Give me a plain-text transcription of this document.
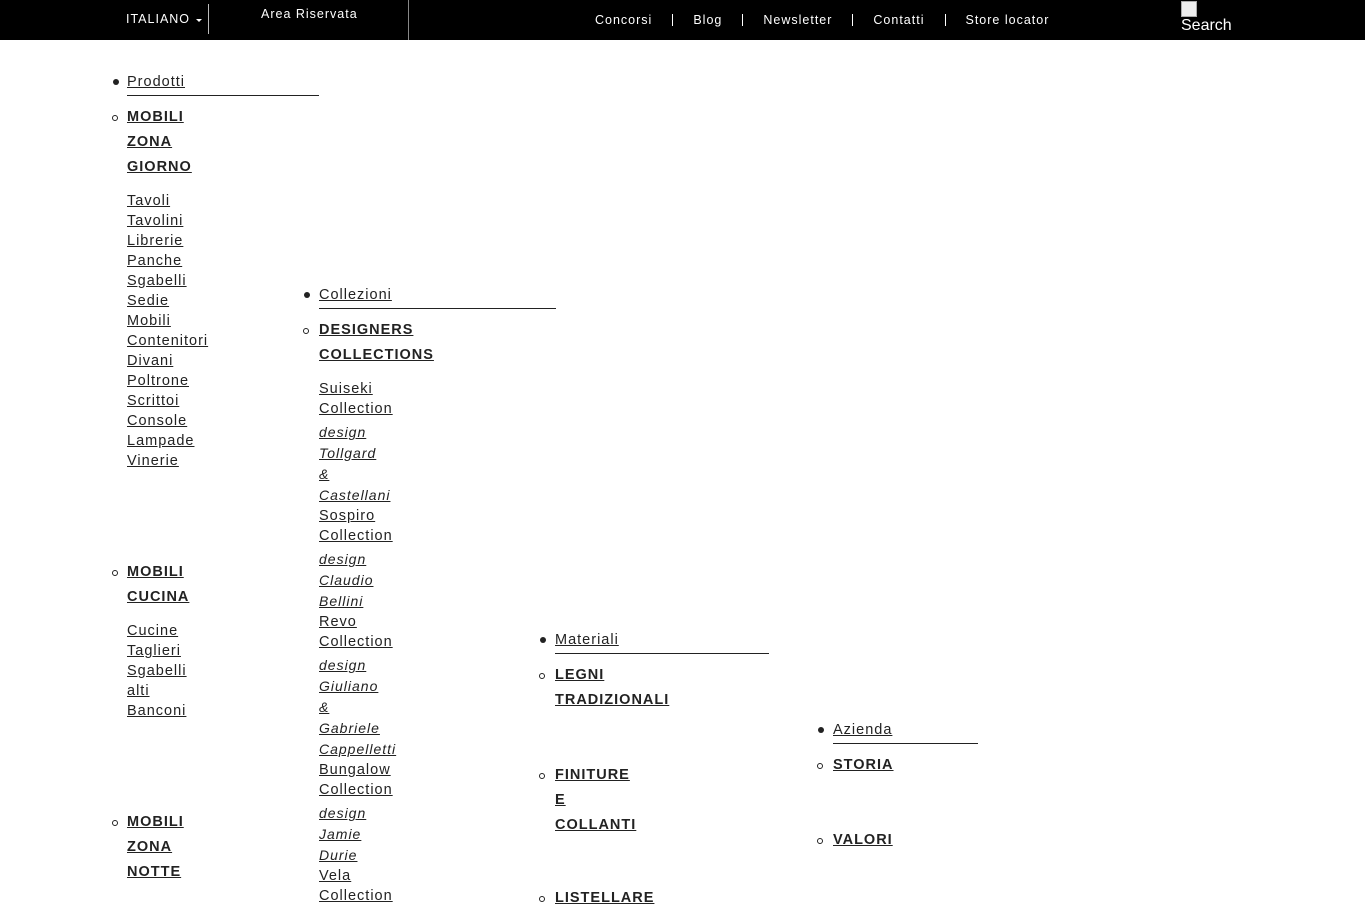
ITALIANO	Area Riservata	Concorsi	Blog	Newsletter	Contatti	Store locator	Search
Prodotti
MOBILI
ZONA
GIORNO
Tavoli
Tavolini
Librerie
Panche
Sgabelli
Sedie
Mobili
Contenitori
Divani
Poltrone
Scrittoi
Console
Lampade
Vinerie
MOBILI
CUCINA
Cucine
Taglieri
Sgabelli
alti
Banconi
MOBILI
ZONA
NOTTE
Collezioni
DESIGNERS
COLLECTIONS
Suiseki
Collection
design
Tollgard
&
Castellani
Sospiro
Collection
design
Claudio
Bellini
Revo
Collection
design
Giuliano
&
Gabriele
Cappelletti
Bungalow
Collection
design
Jamie
Durie
Vela
Collection
Materiali
LEGNI
TRADIZIONALI
FINITURE
E
COLLANTI
LISTELLARE
Azienda
STORIA
VALORI
